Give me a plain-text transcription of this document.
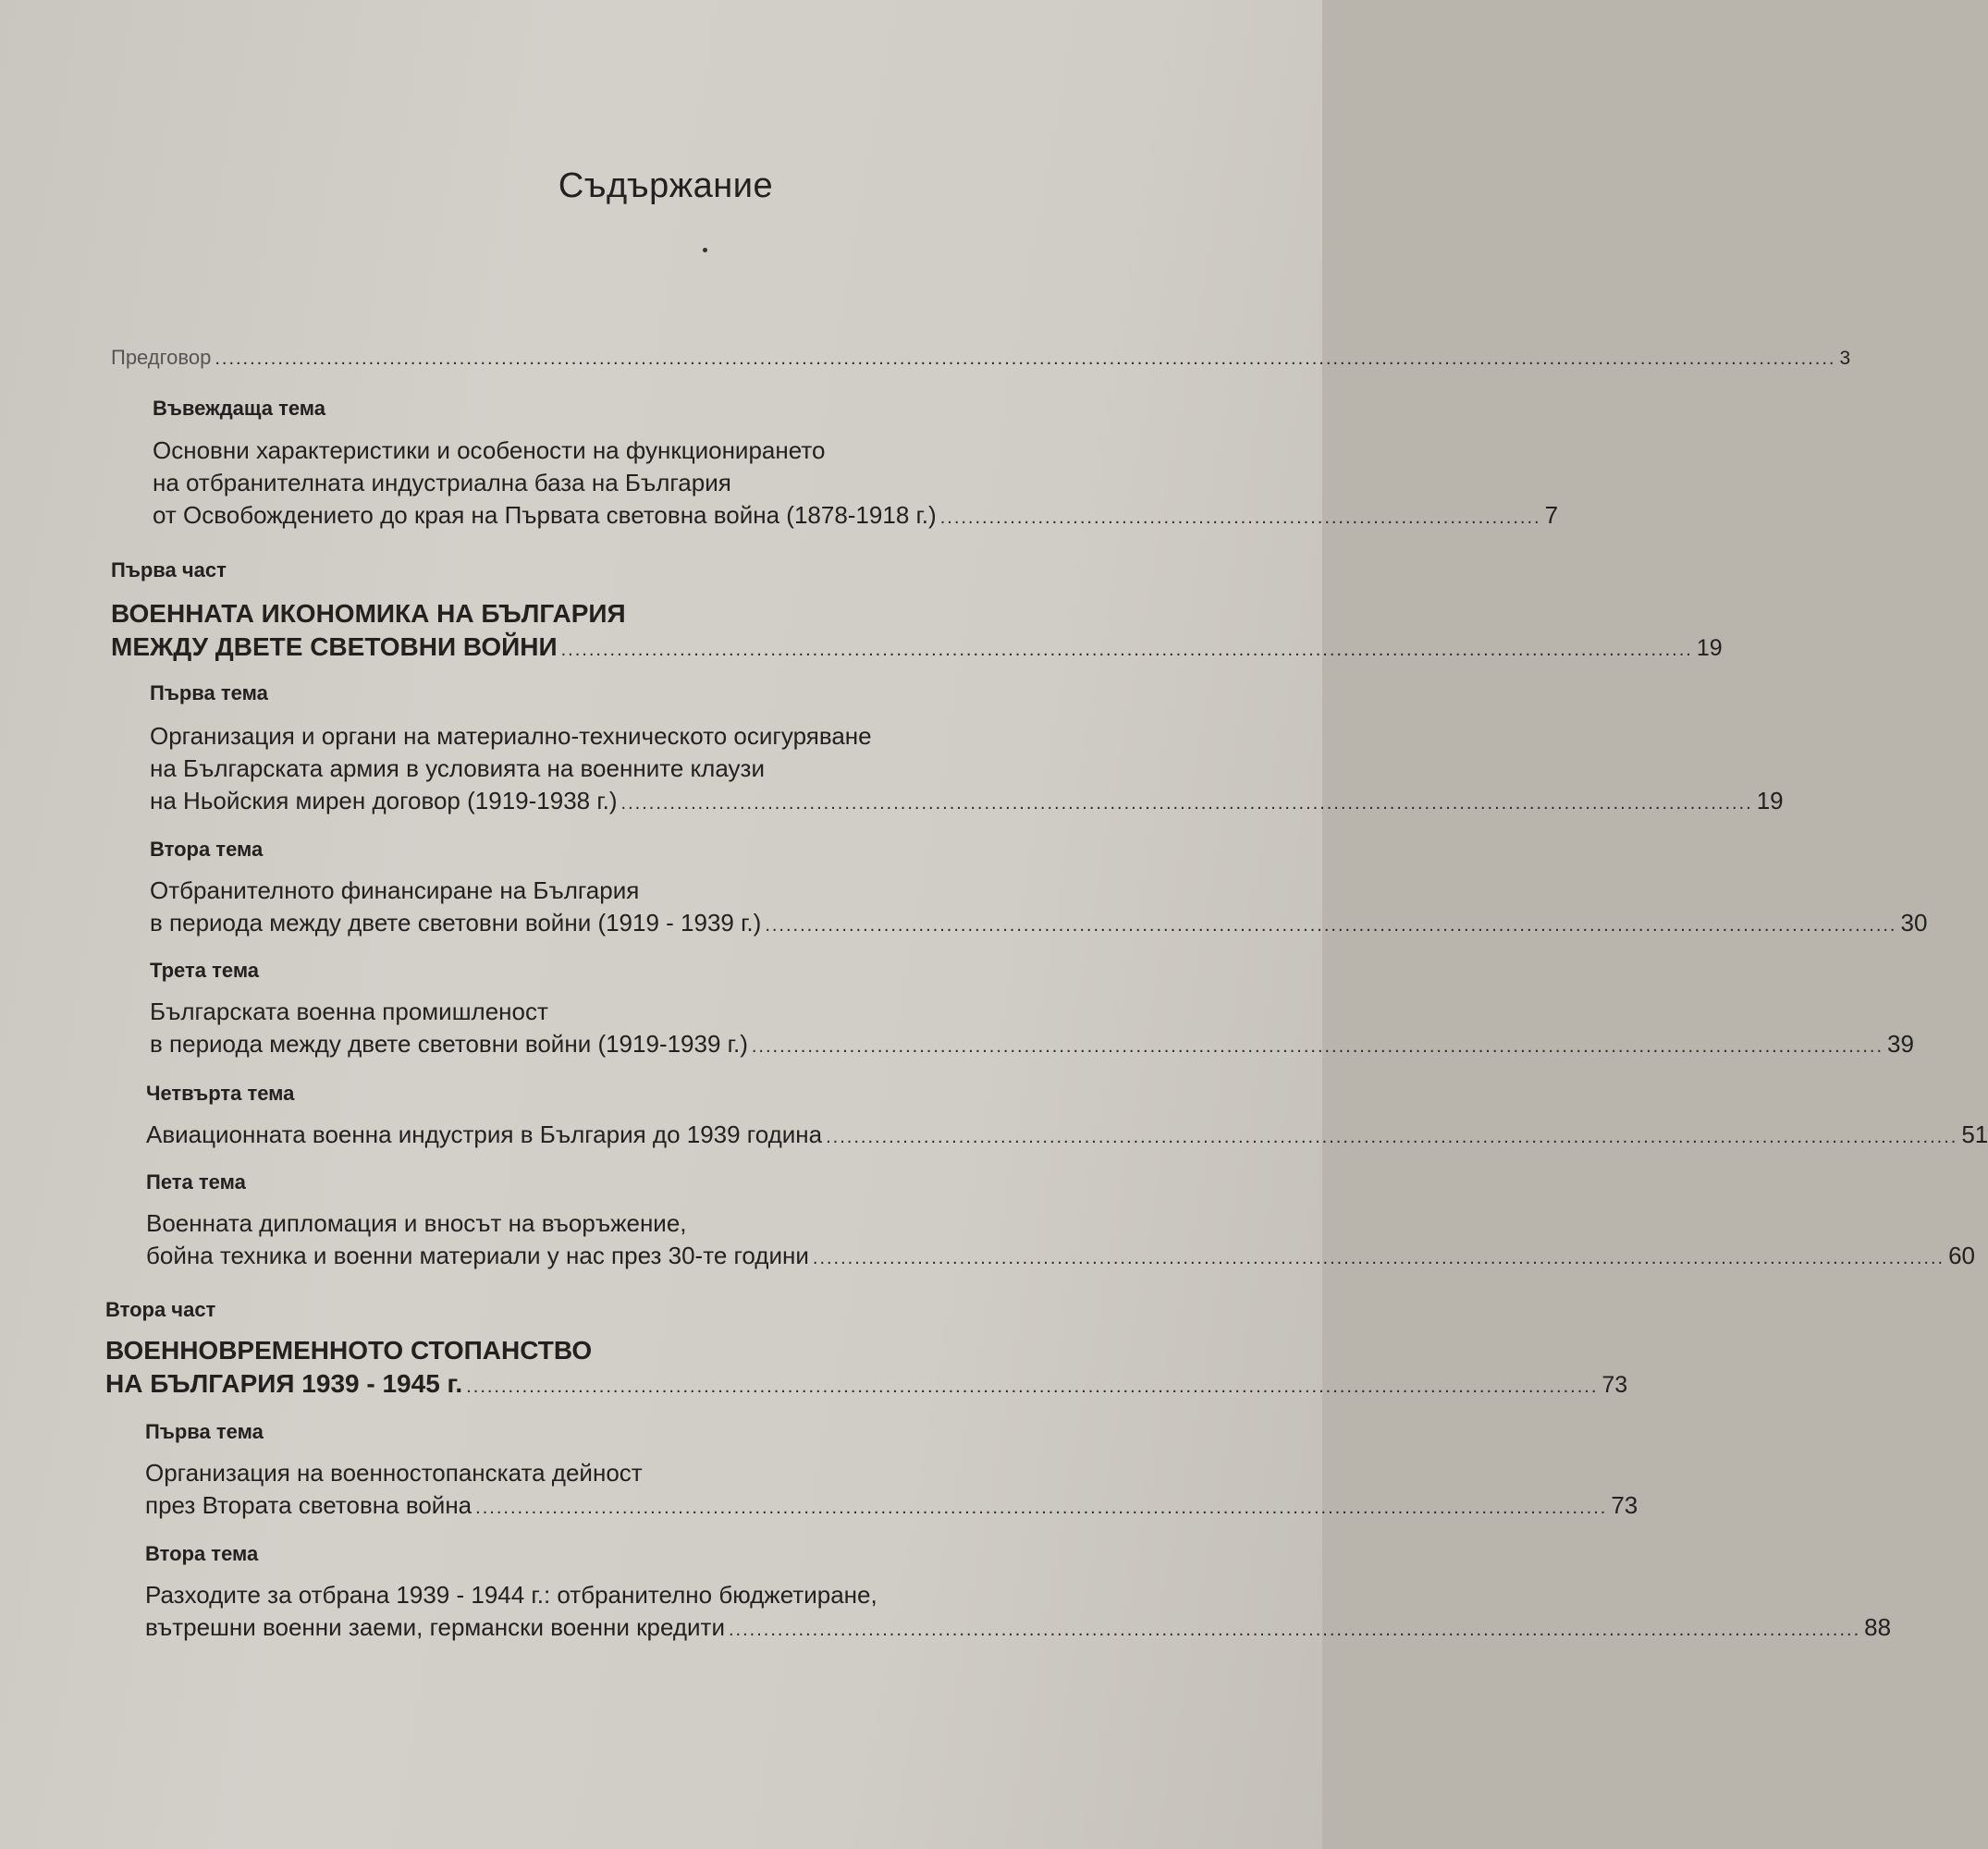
Съдържание
Предговор ........................................................................................................................................................................................................................................ 3
Въвеждаща тема
Основни характеристики и особености на функционирането
на отбранителната индустриална база на България
от Освобождението до края на Първата световна война (1878-1918 г.) ...................................................................................... 7
Първа част
ВОЕННАТА ИКОНОМИКА НА БЪЛГАРИЯ
МЕЖДУ ДВЕТЕ СВЕТОВНИ ВОЙНИ .................................................................................................................................................................. 19
Първа тема
Организация и органи на материално-техническото осигуряване
на Българската армия в условията на военните клаузи
на Ньойския мирен договор (1919-1938 г.) .................................................................................................................................................................. 19
Втора тема
Отбранителното финансиране на България
в периода между двете световни войни (1919 - 1939 г.) .................................................................................................................................................................. 30
Трета тема
Българската военна промишленост
в периода между двете световни войни (1919-1939 г.) .................................................................................................................................................................. 39
Четвърта тема
Авиационната военна индустрия в България до 1939 година .................................................................................................................................................................. 51
Пета тема
Военната дипломация и вносът на въоръжение,
бойна техника и военни материали у нас през 30-те години .................................................................................................................................................................. 60
Втора част
ВОЕННОВРЕМЕННОТО СТОПАНСТВО
НА БЪЛГАРИЯ 1939 - 1945 г. .................................................................................................................................................................. 73
Първа тема
Организация на военностопанската дейност
през Втората световна война .................................................................................................................................................................. 73
Втора тема
Разходите за отбрана 1939 - 1944 г.: отбранително бюджетиране,
вътрешни военни заеми, германски военни кредити .................................................................................................................................................................. 88
